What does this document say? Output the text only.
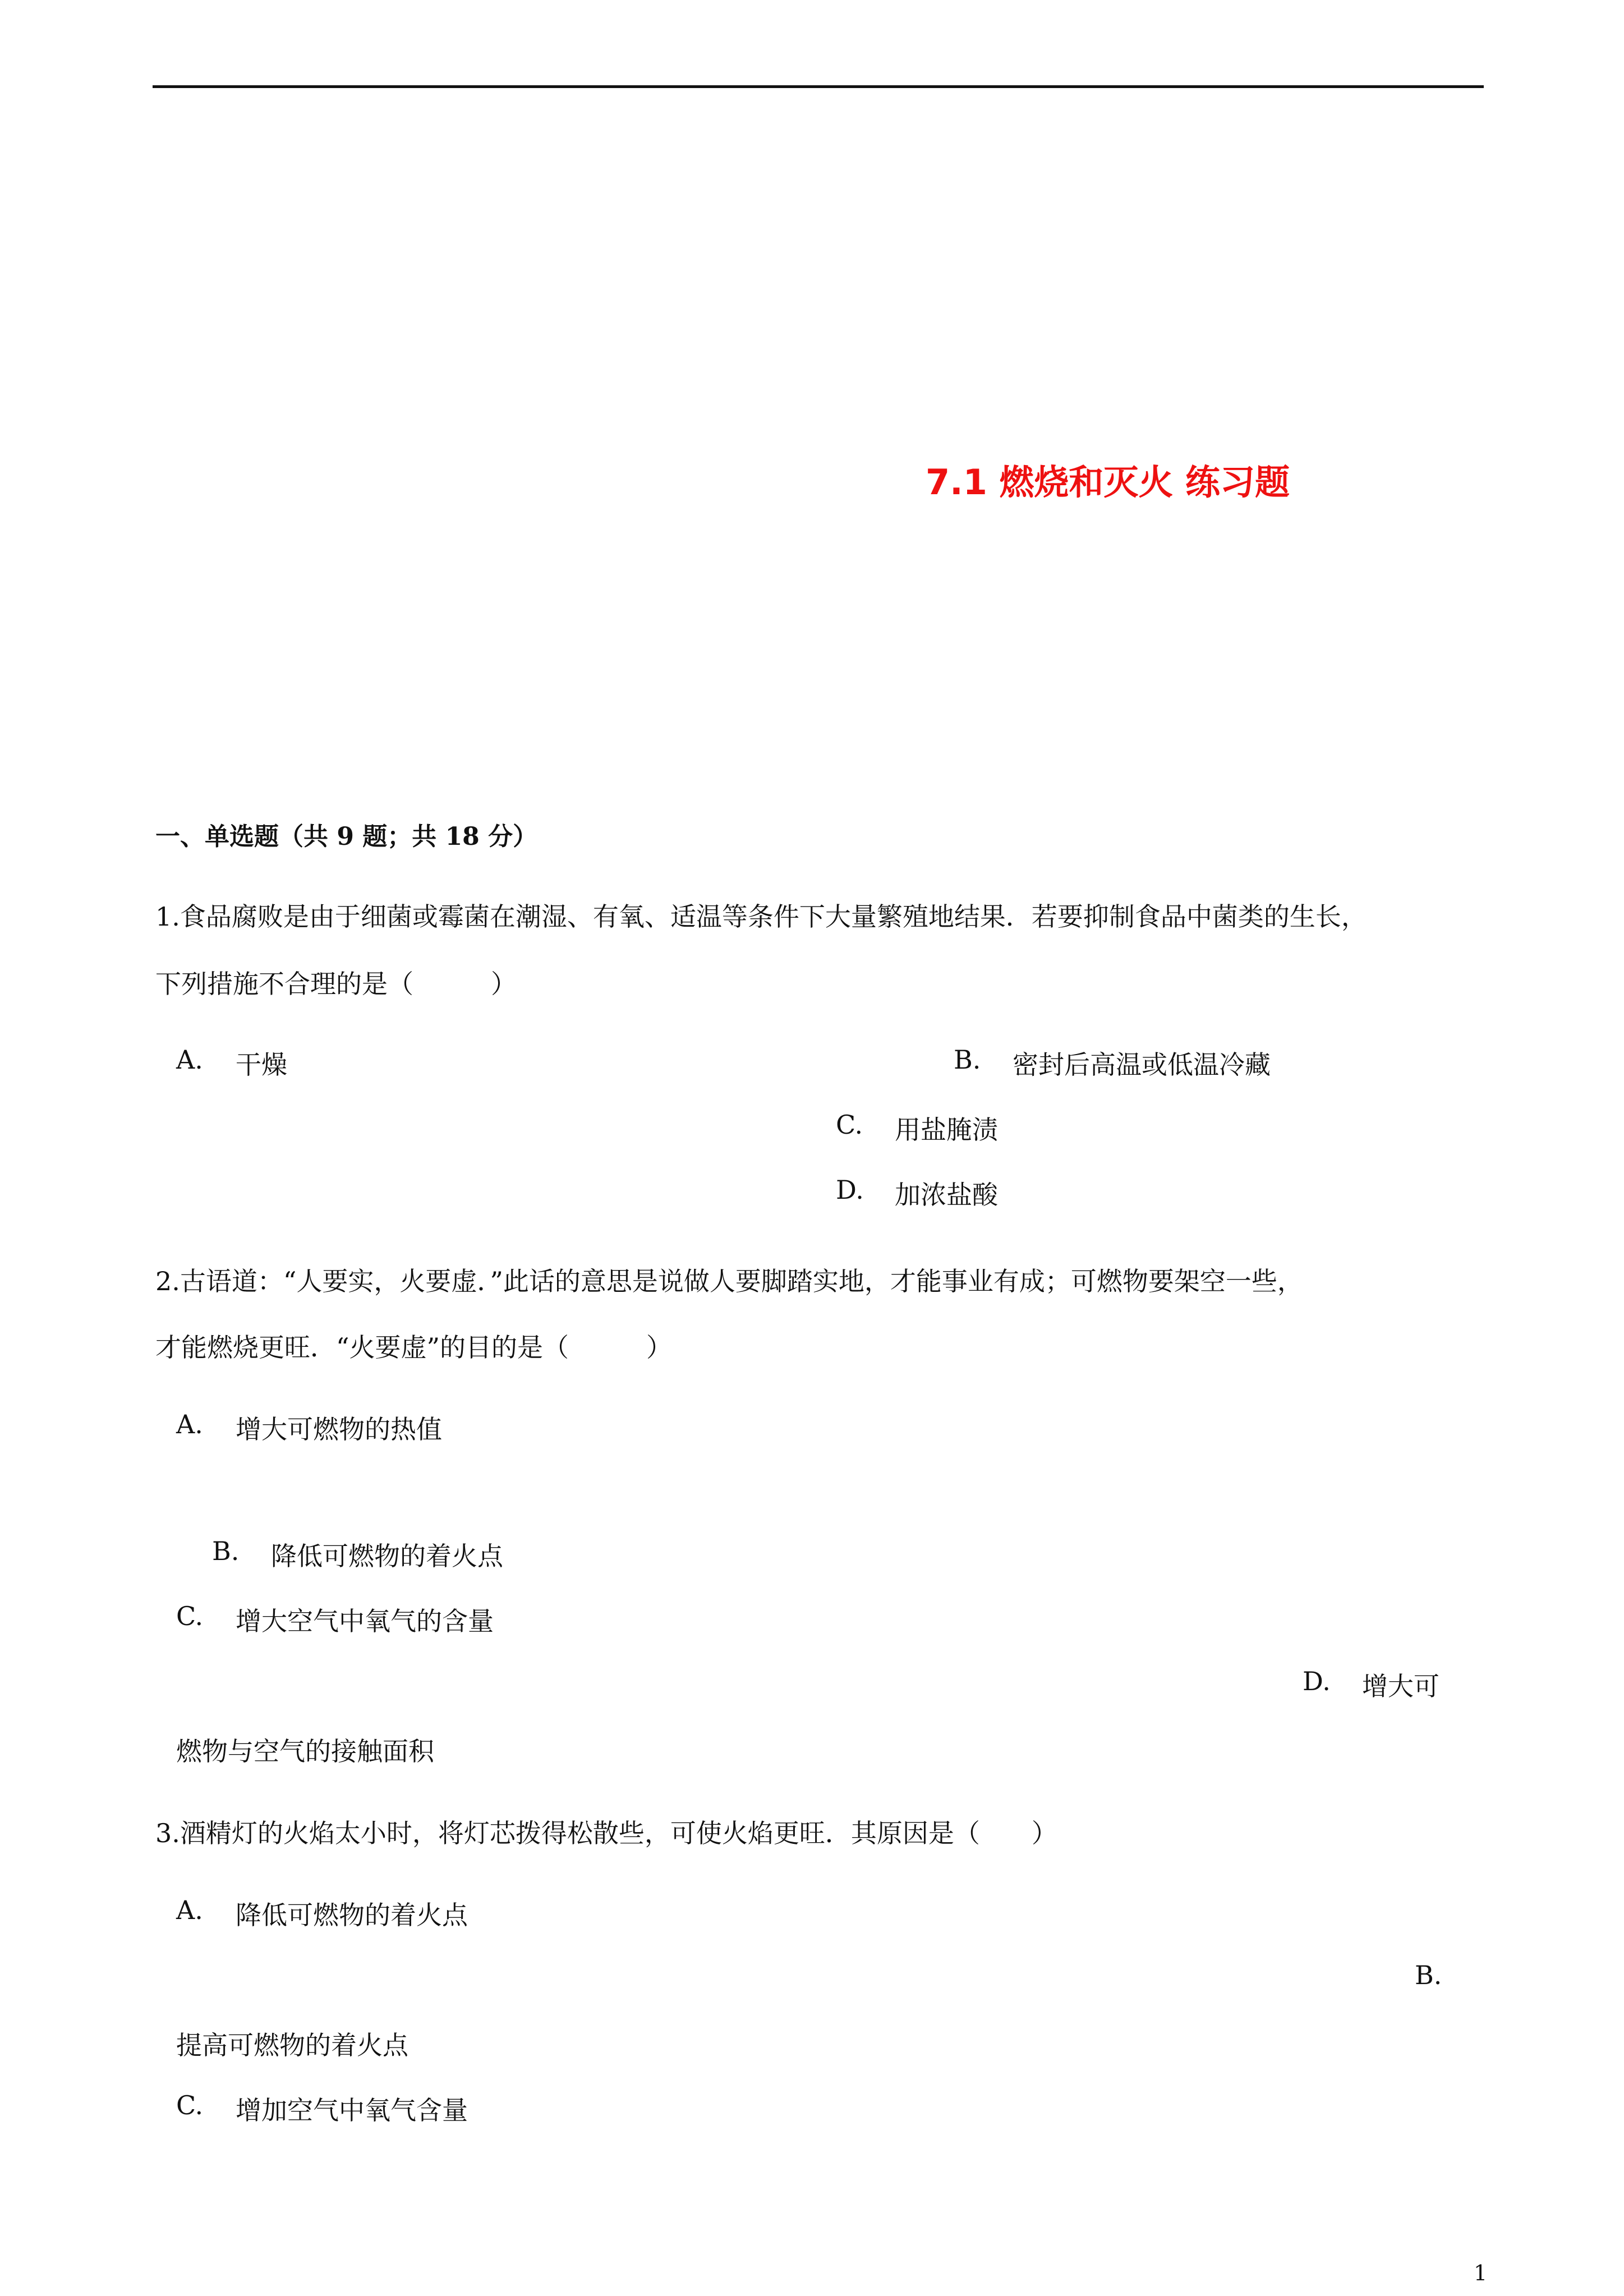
7.1 燃烧和灭火 练习题
一、单选题（共 9 题；共 18 分）
1.食品腐败是由于细菌或霉菌在潮湿、有氧、适温等条件下大量繁殖地结果．若要抑制食品中菌类的生长，
下列措施不合理的是（　　　）
A. 干燥	B. 密封后高温或低温冷藏
C. 用盐腌渍
D. 加浓盐酸
2.古语道：“人要实，火要虚．”此话的意思是说做人要脚踏实地，才能事业有成；可燃物要架空一些，
才能燃烧更旺．“火要虚”的目的是（　　　）
A. 增大可燃物的热值
B. 降低可燃物的着火点
C. 增大空气中氧气的含量
D. 增大可
燃物与空气的接触面积
3.酒精灯的火焰太小时，将灯芯拨得松散些，可使火焰更旺．其原因是（　　）
A. 降低可燃物的着火点
B.
提高可燃物的着火点
C. 增加空气中氧气含量
1
